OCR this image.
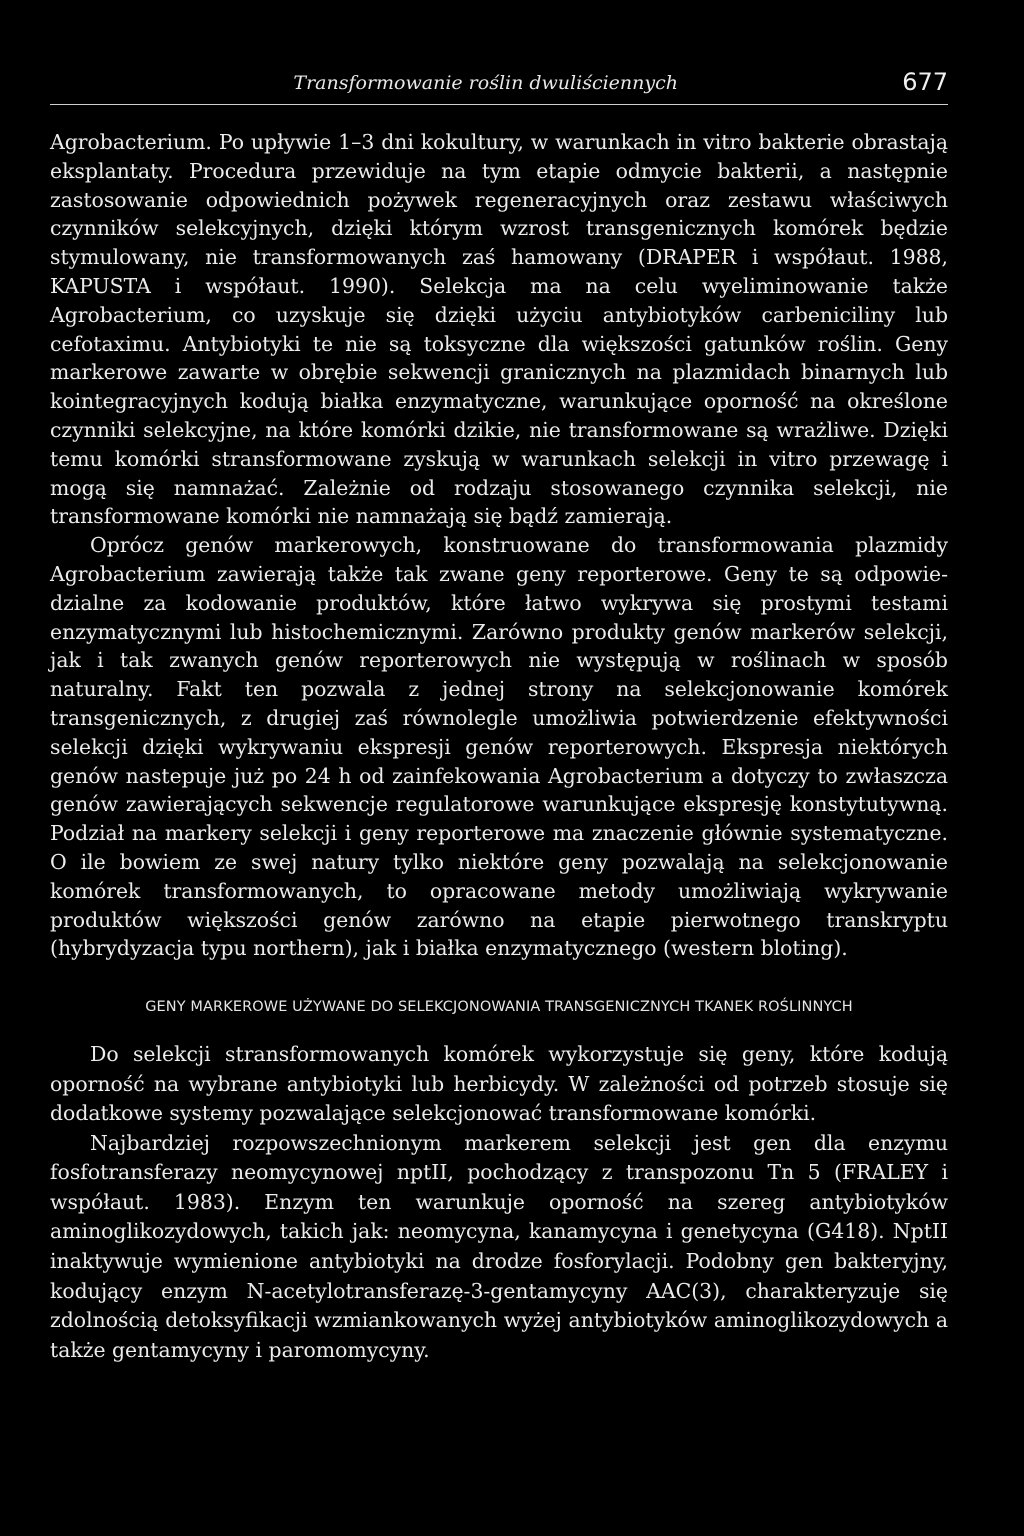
Transformowanie roślin dwuliściennych	677

Agrobacterium. Po upływie 1–3 dni kokultury, w warunkach in vitro bakterie obrastają eksplantaty. Procedura przewiduje na tym etapie odmycie bakterii, a następnie zastosowanie odpowiednich pożywek regeneracyjnych oraz zestawu właściwych czynników selekcyjnych, dzięki którym wzrost transgenicznych komórek będzie stymulowany, nie transformowanych zaś hamowany (DRAPER i współaut. 1988, KAPUSTA i współaut. 1990). Selekcja ma na celu wyeliminowanie także Agrobacterium, co uzyskuje się dzięki użyciu antybiotyków carbeniciliny lub cefotaximu. Antybiotyki te nie są toksyczne dla większości gatunków roślin. Geny markerowe zawarte w obrębie sekwencji granicznych na plazmidach binarnych lub kointegracyjnych kodują białka enzymatyczne, warunkujące oporność na określone czynniki selekcyjne, na które komórki dzikie, nie transformowane są wrażliwe. Dzięki temu komórki stransformowane zyskują w warunkach selekcji in vitro przewagę i mogą się namnażać. Zależnie od rodzaju stosowanego czynnika selekcji, nie transformowane komórki nie namnażają się bądź zamierają.

Oprócz genów markerowych, konstruowane do transformowania plazmidy Agrobacterium zawierają także tak zwane geny reporterowe. Geny te są odpowiedzialne za kodowanie produktów, które łatwo wykrywa się prostymi testami enzymatycznymi lub histochemicznymi. Zarówno produkty genów markerów selekcji, jak i tak zwanych genów reporterowych nie występują w roślinach w sposób naturalny. Fakt ten pozwala z jednej strony na selekcjonowanie komórek transgenicznych, z drugiej zaś równolegle umożliwia potwierdzenie efektywności selekcji dzięki wykrywaniu ekspresji genów reporterowych. Ekspresja niektórych genów nastepuje już po 24 h od zainfekowania Agrobacterium a dotyczy to zwłaszcza genów zawierających sekwencje regulatorowe warunkujące ekspresję konstytutywną. Podział na markery selekcji i geny reporterowe ma znaczenie głównie systematyczne. O ile bowiem ze swej natury tylko niektóre geny pozwalają na selekcjonowanie komórek transformowanych, to opracowane metody umożliwiają wykrywanie produktów większości genów zarówno na etapie pierwotnego transkryptu (hybrydyzacja typu northern), jak i białka enzymatycznego (western bloting).

GENY MARKEROWE UŻYWANE DO SELEKCJONOWANIA TRANSGENICZNYCH TKANEK ROŚLINNYCH

Do selekcji stransformowanych komórek wykorzystuje się geny, które kodują oporność na wybrane antybiotyki lub herbicydy. W zależności od potrzeb stosuje się dodatkowe systemy pozwalające selekcjonować transformowane komórki.

Najbardziej rozpowszechnionym markerem selekcji jest gen dla enzymu fosfotransferazy neomycynowej nptII, pochodzący z transpozonu Tn 5 (FRALEY i współaut. 1983). Enzym ten warunkuje oporność na szereg antybiotyków aminoglikozydowych, takich jak: neomycyna, kanamycyna i genetycyna (G418). NptII inaktywuje wymienione antybiotyki na drodze fosforylacji. Podobny gen bakteryjny, kodujący enzym N-acetylotransferazę-3-gentamycyny AAC(3), charakteryzuje się zdolnością detoksyfikacji wzmiankowanych wyżej antybiotyków aminoglikozydowych a także gentamycyny i paromomycyny.
